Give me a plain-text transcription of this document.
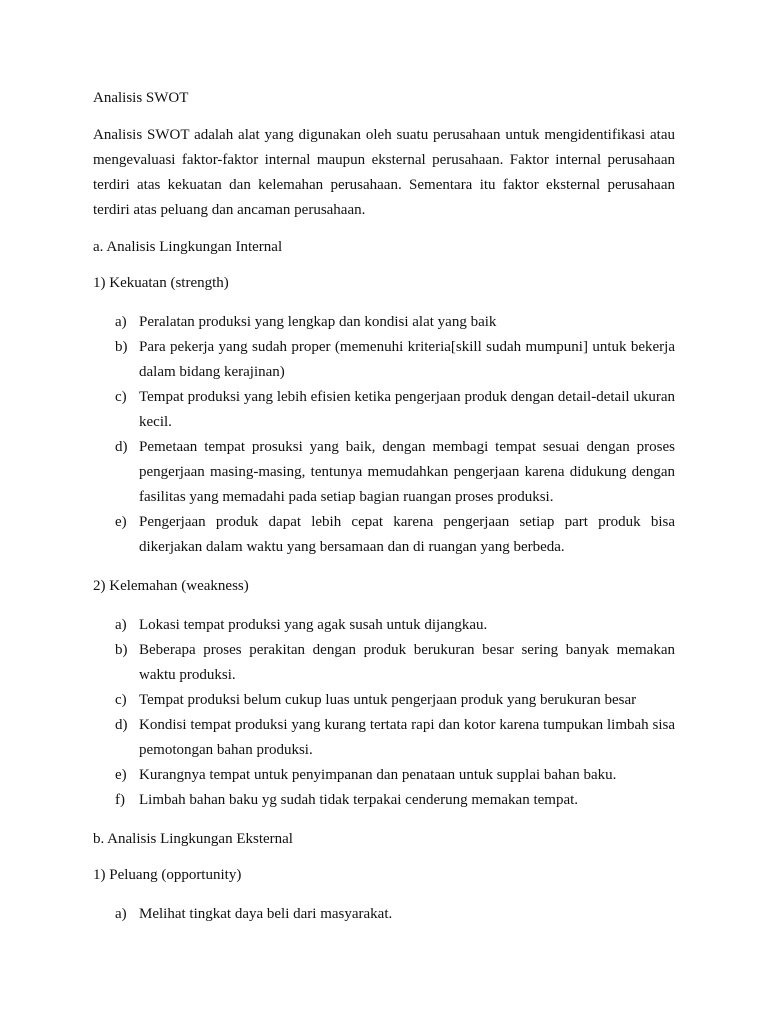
Analisis SWOT

Analisis SWOT adalah alat yang digunakan oleh suatu perusahaan untuk mengidentifikasi atau mengevaluasi faktor-faktor internal maupun eksternal perusahaan. Faktor internal perusahaan terdiri atas kekuatan dan kelemahan perusahaan. Sementara itu faktor eksternal perusahaan terdiri atas peluang dan ancaman perusahaan.

a. Analisis Lingkungan Internal

1) Kekuatan (strength)

a) Peralatan produksi yang lengkap dan kondisi alat yang baik
b) Para pekerja yang sudah proper (memenuhi kriteria[skill sudah mumpuni] untuk bekerja dalam bidang kerajinan)
c) Tempat produksi yang lebih efisien ketika pengerjaan produk dengan detail-detail ukuran kecil.
d) Pemetaan tempat prosuksi yang baik, dengan membagi tempat sesuai dengan proses pengerjaan masing-masing, tentunya memudahkan pengerjaan karena didukung dengan fasilitas yang memadahi pada setiap bagian ruangan proses produksi.
e) Pengerjaan produk dapat lebih cepat karena pengerjaan setiap part produk bisa dikerjakan dalam waktu yang bersamaan dan di ruangan yang berbeda.

2) Kelemahan (weakness)

a) Lokasi tempat produksi yang agak susah untuk dijangkau.
b) Beberapa proses perakitan dengan produk berukuran besar sering banyak memakan waktu produksi.
c) Tempat produksi belum cukup luas untuk pengerjaan produk yang berukuran besar
d) Kondisi tempat produksi yang kurang tertata rapi dan kotor karena tumpukan limbah sisa pemotongan bahan produksi.
e) Kurangnya tempat untuk penyimpanan dan penataan untuk supplai bahan baku.
f) Limbah bahan baku yg sudah tidak terpakai cenderung memakan tempat.

b. Analisis Lingkungan Eksternal

1) Peluang (opportunity)

a) Melihat tingkat daya beli dari masyarakat.
